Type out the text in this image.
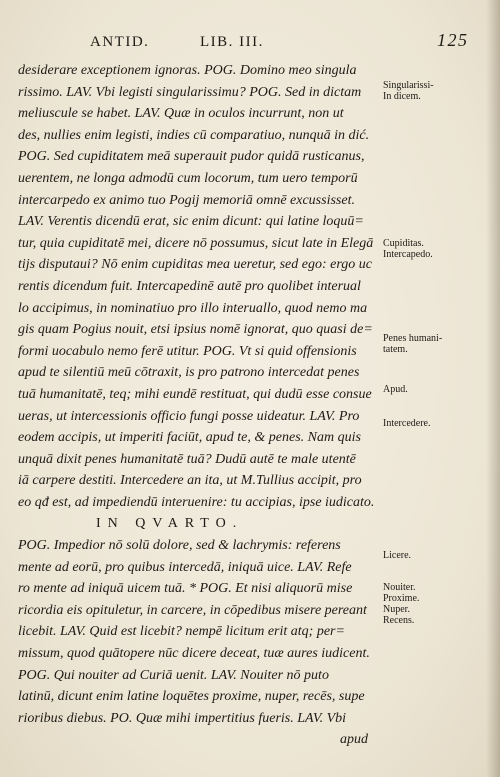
ANTID.	LIB. III.	125
desiderare exceptionem ignoras. POG. Domino meo singula
rissimo. LAV. Vbi legisti singularissimu? POG. Sed in dictam
meliuscule se habet. LAV. Quæ in oculos incurrunt, non ut
des, nullies enim legisti, indies cū comparatiuo, nunquā in dić.
POG. Sed cupiditatem meā superauit pudor quidā rusticanus,
uerentem, ne longa admodū cum locorum, tum uero temporū
intercarpedo ex animo tuo Pogij memoriā omnē excussisset.
LAV. Verentis dicendū erat, sic enim dicunt: qui latine loquū=
tur, quia cupiditatē mei, dicere nō possumus, sicut late in Elegā
tijs disputaui? Nō enim cupiditas mea ueretur, sed ego: ergo uc
rentis dicendum fuit. Intercapedinē autē pro quolibet interual
lo accipimus, in nominatiuo pro illo interuallo, quod nemo ma
gis quam Pogius nouit, etsi ipsius nomē ignorat, quo quasi de=
formi uocabulo nemo ferē utitur. POG. Vt si quid offensionis
apud te silentiū meū cōtraxit, is pro patrono intercedat penes
tuā humanitatē, teq; mihi eundē restituat, qui dudū esse consue
ueras, ut intercessionis officio fungi posse uideatur. LAV. Pro
eodem accipis, ut imperiti faciūt, apud te, & penes. Nam quis
unquā dixit penes humanitatē tuā? Dudū autē te male utentē
iā carpere destiti. Intercedere an ita, ut M.Tullius accipit, pro
eo qđ est, ad impediendū interuenire: tu accipias, ipse iudicato.
IN QVARTO.
POG. Impedior nō solū dolore, sed & lachrymis: referens
mente ad eorū, pro quibus intercedā, iniquā uice. LAV. Refe
ro mente ad iniquā uicem tuā. * POG. Et nisi aliquorū mise
ricordia eis opituletur, in carcere, in cōpedibus misere pereant
licebit. LAV. Quid est licebit? nempē licitum erit atq; per=
missum, quod quātopere nūc dicere deceat, tuæ aures iudicent.
POG. Qui nouiter ad Curiā uenit. LAV. Nouiter nō puto
latinū, dicunt enim latine loquētes proxime, nuper, recēs, supe
rioribus diebus. PO. Quæ mihi impertitius fueris. LAV. Vbi
apud
Singularissi-
In dicem.
Cupiditas.
Intercapedo.
Penes humani-
tatem.
Apud.
Intercedere.
Licere.
Nouiter.
Proxime.
Nuper.
Recens.
